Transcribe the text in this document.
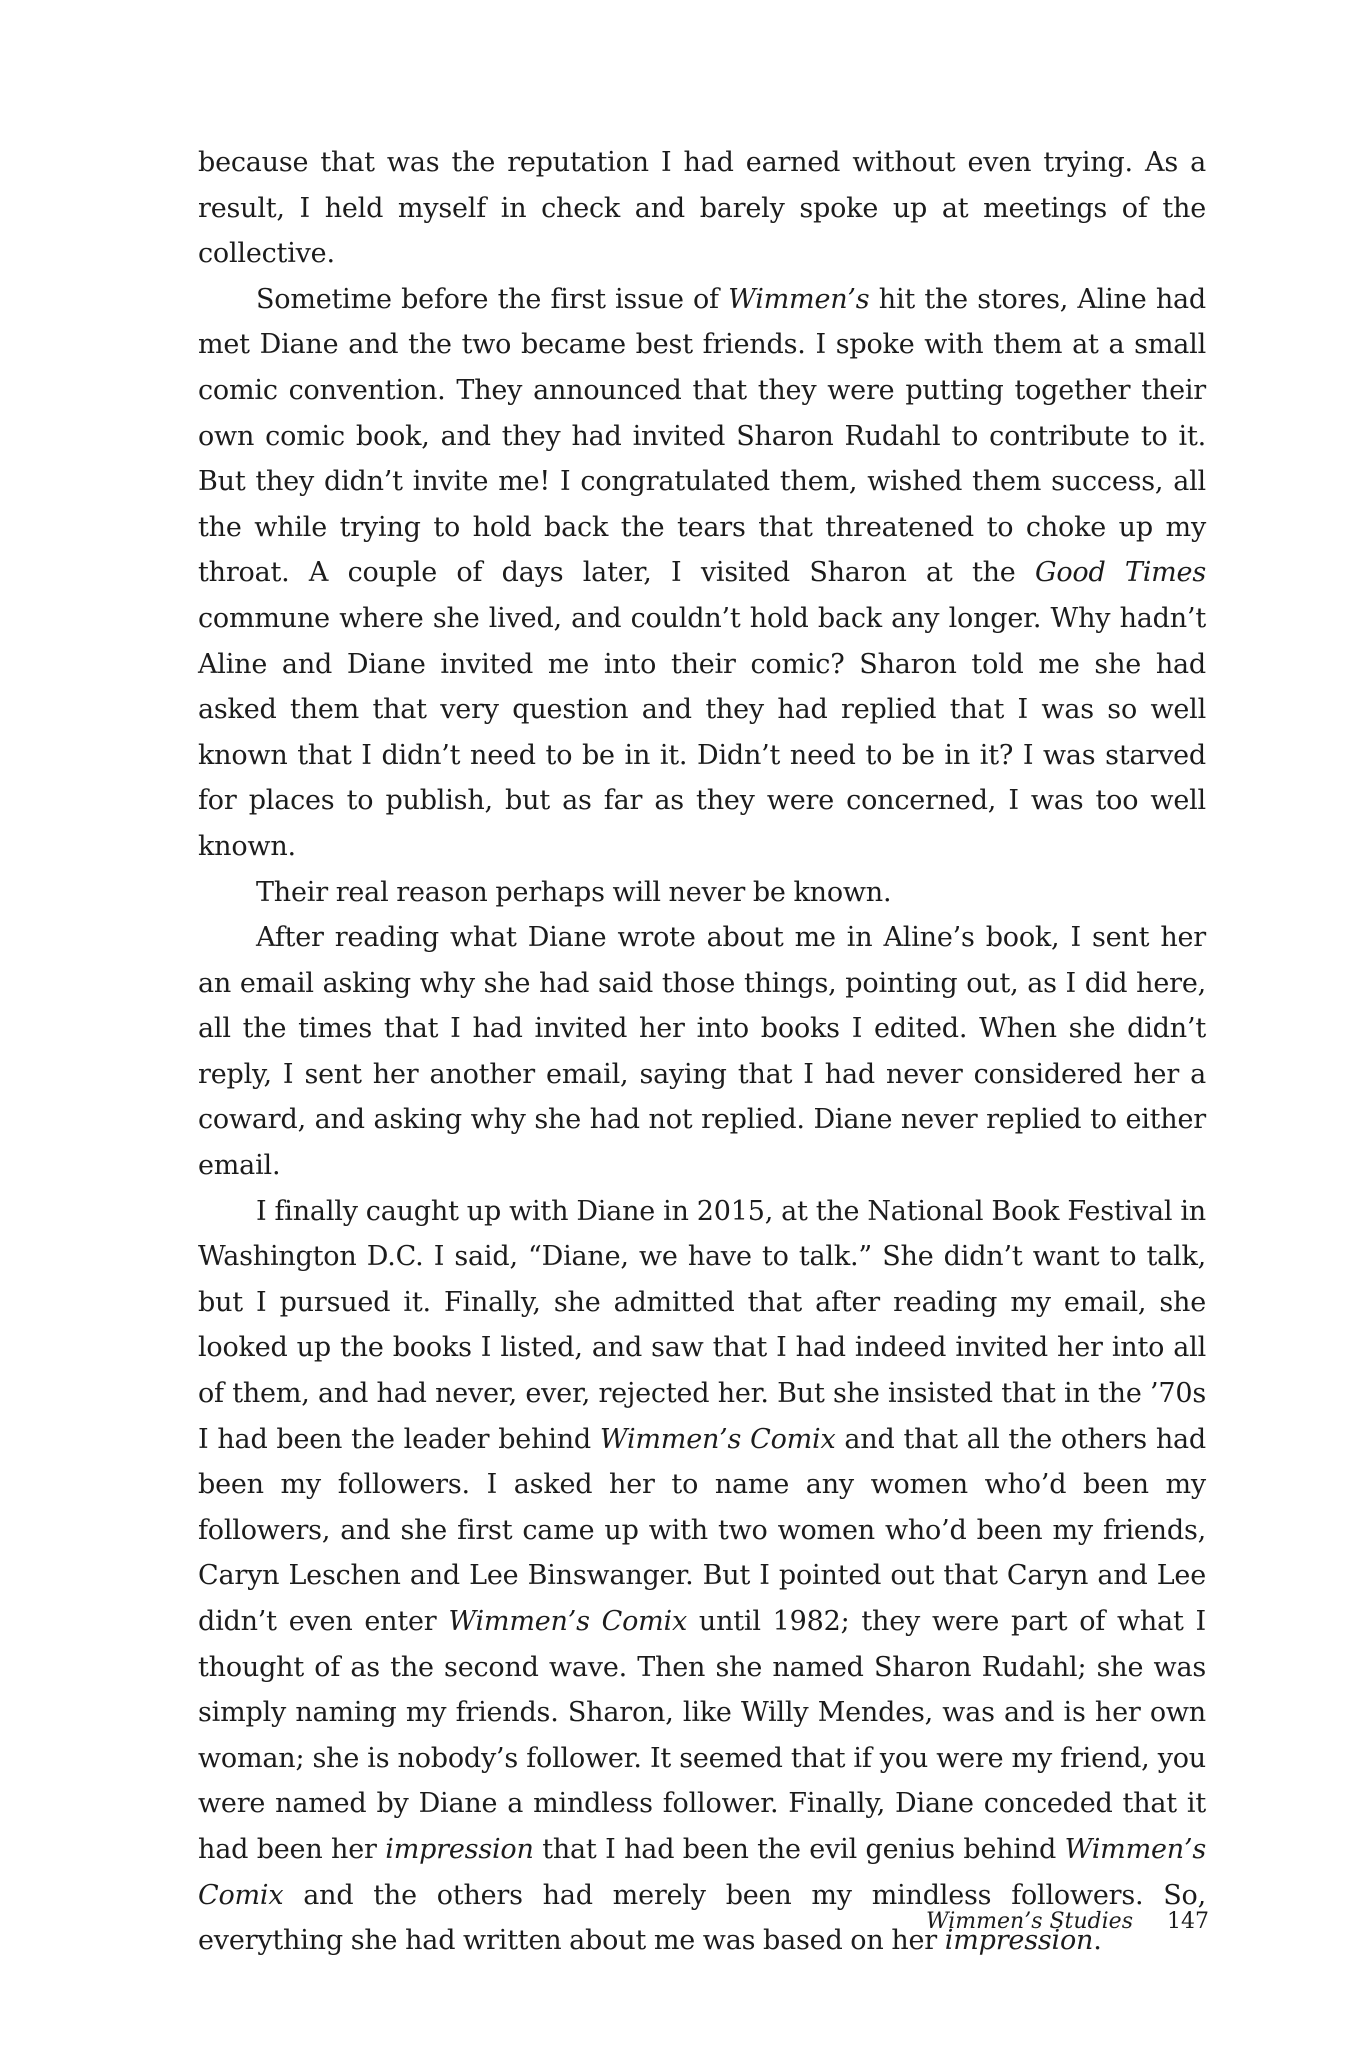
because that was the reputation I had earned without even trying. As a result, I held myself in check and barely spoke up at meetings of the collective.

Sometime before the first issue of Wimmen’s hit the stores, Aline had met Diane and the two became best friends. I spoke with them at a small comic convention. They announced that they were putting together their own comic book, and they had invited Sharon Rudahl to contribute to it. But they didn’t invite me! I congratulated them, wished them success, all the while trying to hold back the tears that threatened to choke up my throat. A couple of days later, I visited Sharon at the Good Times commune where she lived, and couldn’t hold back any longer. Why hadn’t Aline and Diane invited me into their comic? Sharon told me she had asked them that very question and they had replied that I was so well known that I didn’t need to be in it. Didn’t need to be in it? I was starved for places to publish, but as far as they were concerned, I was too well known.

Their real reason perhaps will never be known.

After reading what Diane wrote about me in Aline’s book, I sent her an email asking why she had said those things, pointing out, as I did here, all the times that I had invited her into books I edited. When she didn’t reply, I sent her another email, saying that I had never considered her a coward, and asking why she had not replied. Diane never replied to either email.

I finally caught up with Diane in 2015, at the National Book Festival in Washington D.C. I said, “Diane, we have to talk.” She didn’t want to talk, but I pursued it. Finally, she admitted that after reading my email, she looked up the books I listed, and saw that I had indeed invited her into all of them, and had never, ever, rejected her. But she insisted that in the ’70s I had been the leader behind Wimmen’s Comix and that all the others had been my followers. I asked her to name any women who’d been my followers, and she first came up with two women who’d been my friends, Caryn Leschen and Lee Binswanger. But I pointed out that Caryn and Lee didn’t even enter Wimmen’s Comix until 1982; they were part of what I thought of as the second wave. Then she named Sharon Rudahl; she was simply naming my friends. Sharon, like Willy Mendes, was and is her own woman; she is nobody’s follower. It seemed that if you were my friend, you were named by Diane a mindless follower. Finally, Diane conceded that it had been her impression that I had been the evil genius behind Wimmen’s Comix and the others had merely been my mindless followers. So, everything she had written about me was based on her impression.

Wimmen’s Studies 147
